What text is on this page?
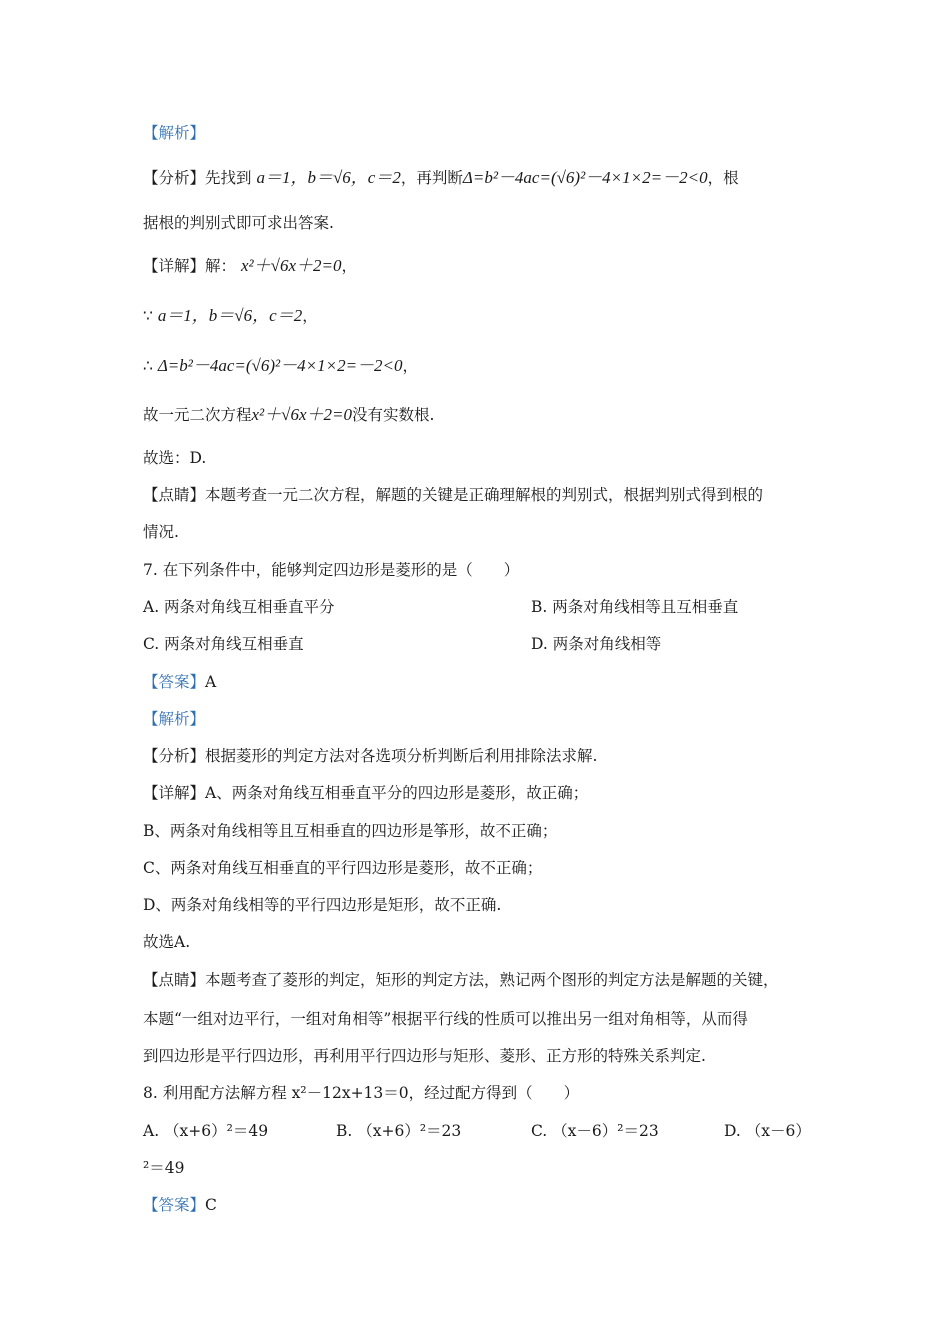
【解析】
【分析】先找到 a＝1，b＝√6，c＝2，再判断Δ=b²－4ac=(√6)²－4×1×2=－2<0，根
据根的判别式即可求出答案.
【详解】解： x²＋√6x＋2=0，
∵ a＝1，b＝√6，c＝2，
∴ Δ=b²－4ac=(√6)²－4×1×2=－2<0，
故一元二次方程x²＋√6x＋2=0没有实数根.
故选：D.
【点睛】本题考查一元二次方程，解题的关键是正确理解根的判别式，根据判别式得到根的
情况.
7. 在下列条件中，能够判定四边形是菱形的是（　　）
A. 两条对角线互相垂直平分	B. 两条对角线相等且互相垂直
C. 两条对角线互相垂直	D. 两条对角线相等
【答案】A
【解析】
【分析】根据菱形的判定方法对各选项分析判断后利用排除法求解.
【详解】A、两条对角线互相垂直平分的四边形是菱形，故正确；
B、两条对角线相等且互相垂直的四边形是筝形，故不正确；
C、两条对角线互相垂直的平行四边形是菱形，故不正确；
D、两条对角线相等的平行四边形是矩形，故不正确.
故选A.
【点睛】本题考查了菱形的判定，矩形的判定方法，熟记两个图形的判定方法是解题的关键，
本题“一组对边平行，一组对角相等”根据平行线的性质可以推出另一组对角相等，从而得
到四边形是平行四边形，再利用平行四边形与矩形、菱形、正方形的特殊关系判定.
8. 利用配方法解方程 x²－12x+13＝0，经过配方得到（　　）
A. （x+6）²＝49	B. （x+6）²＝23	C. （x－6）²＝23	D. （x－6）
²＝49
【答案】C
